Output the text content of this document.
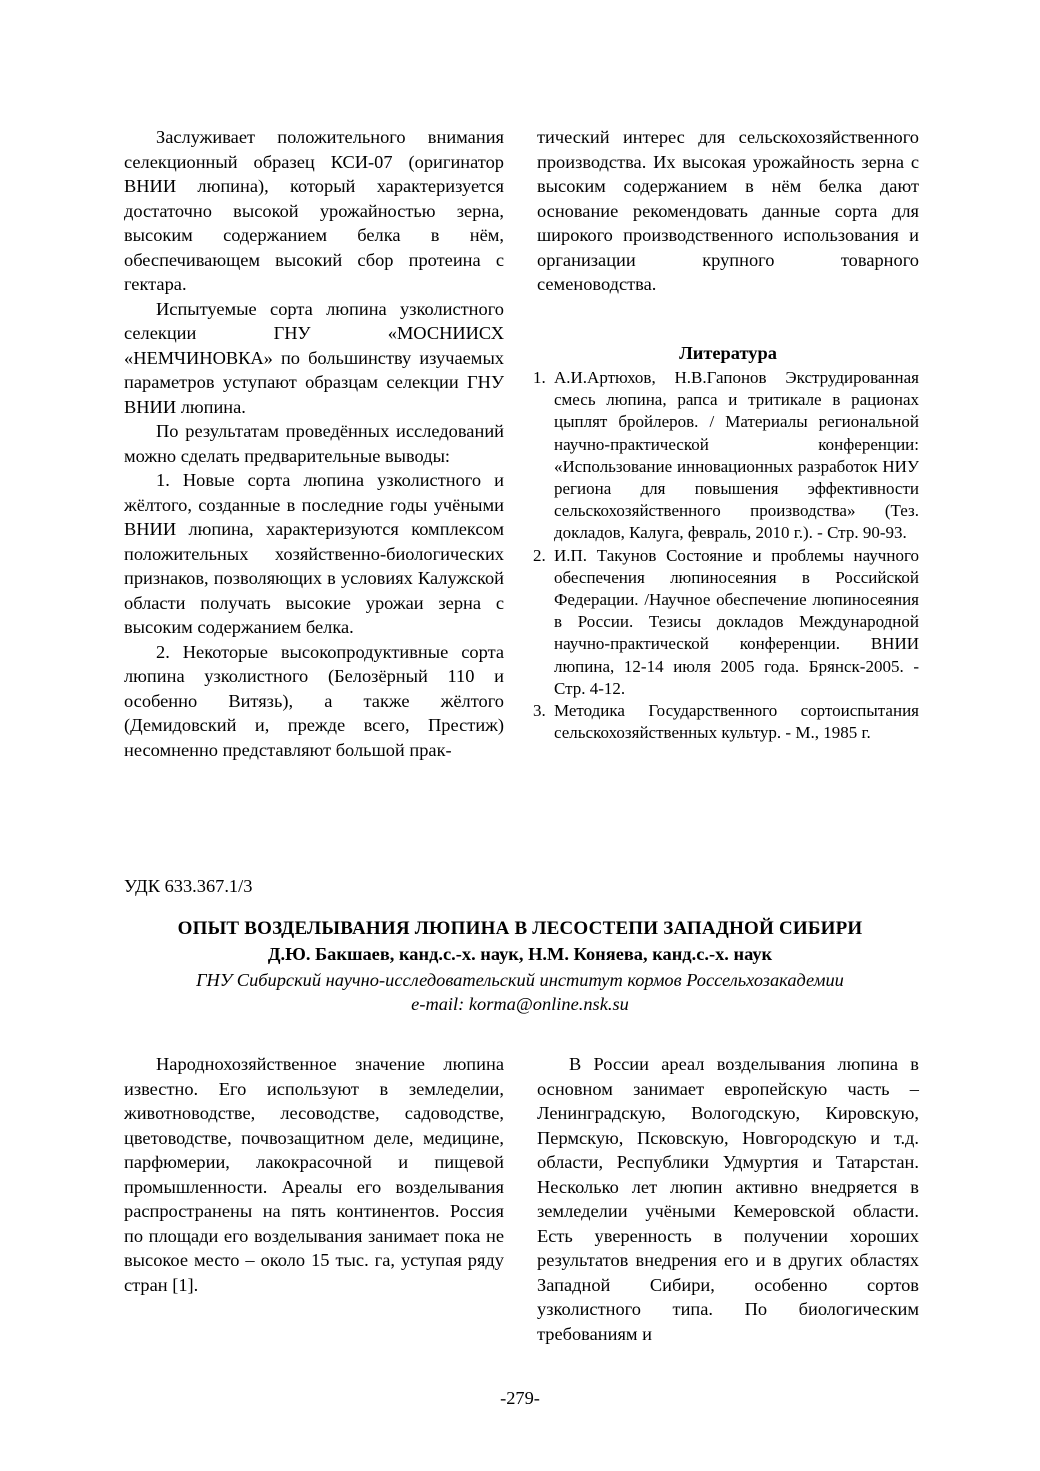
Заслуживает положительного внимания селекционный образец КСИ-07 (оригинатор ВНИИ люпина), который характеризуется достаточно высокой урожайностью зерна, высоким содержанием белка в нём, обеспечивающем высокий сбор протеина с гектара.

Испытуемые сорта люпина узколистного селекции ГНУ «МОСНИИСХ «НЕМЧИНОВКА» по большинству изучаемых параметров уступают образцам селекции ГНУ ВНИИ люпина.

По результатам проведённых исследований можно сделать предварительные выводы:

1. Новые сорта люпина узколистного и жёлтого, созданные в последние годы учёными ВНИИ люпина, характеризуются комплексом положительных хозяйственно-биологических признаков, позволяющих в условиях Калужской области получать высокие урожаи зерна с высоким содержанием белка.

2. Некоторые высокопродуктивные сорта люпина узколистного (Белозёрный 110 и особенно Витязь), а также жёлтого (Демидовский и, прежде всего, Престиж) несомненно представляют большой прак-

тический интерес для сельскохозяйственного производства. Их высокая урожайность зерна с высоким содержанием в нём белка дают основание рекомендовать данные сорта для широкого производственного использования и организации крупного товарного семеноводства.

Литература
1. А.И.Артюхов, Н.В.Гапонов Экструдированная смесь люпина, рапса и тритикале в рационах цыплят бройлеров. / Материалы региональной научно-практической конференции: «Использование инновационных разработок НИУ региона для повышения эффективности сельскохозяйственного производства» (Тез. докладов, Калуга, февраль, 2010 г.). - Стр. 90-93.
2. И.П. Такунов Состояние и проблемы научного обеспечения люпиносеяния в Российской Федерации. /Научное обеспечение люпиносеяния в России. Тезисы докладов Международной научно-практической конференции. ВНИИ люпина, 12-14 июля 2005 года. Брянск-2005. - Стр. 4-12.
3. Методика Государственного сортоиспытания сельскохозяйственных культур. - М., 1985 г.
УДК 633.367.1/3
ОПЫТ ВОЗДЕЛЫВАНИЯ ЛЮПИНА В ЛЕСОСТЕПИ ЗАПАДНОЙ СИБИРИ
Д.Ю. Бакшаев, канд.с.-х. наук, Н.М. Коняева, канд.с.-х. наук
ГНУ Сибирский научно-исследовательский институт кормов Россельхозакадемии
e-mail: korma@online.nsk.su

Народнохозяйственное значение люпина известно. Его используют в земледелии, животноводстве, лесоводстве, садоводстве, цветоводстве, почвозащитном деле, медицине, парфюмерии, лакокрасочной и пищевой промышленности. Ареалы его возделывания распространены на пять континентов. Россия по площади его возделывания занимает пока не высокое место – около 15 тыс. га, уступая ряду стран [1].

В России ареал возделывания люпина в основном занимает европейскую часть – Ленинградскую, Вологодскую, Кировскую, Пермскую, Псковскую, Новгородскую и т.д. области, Республики Удмуртия и Татарстан. Несколько лет люпин активно внедряется в земледелии учёными Кемеровской области. Есть уверенность в получении хороших результатов внедрения его и в других областях Западной Сибири, особенно сортов узколистного типа. По биологическим требованиям и

-279-
